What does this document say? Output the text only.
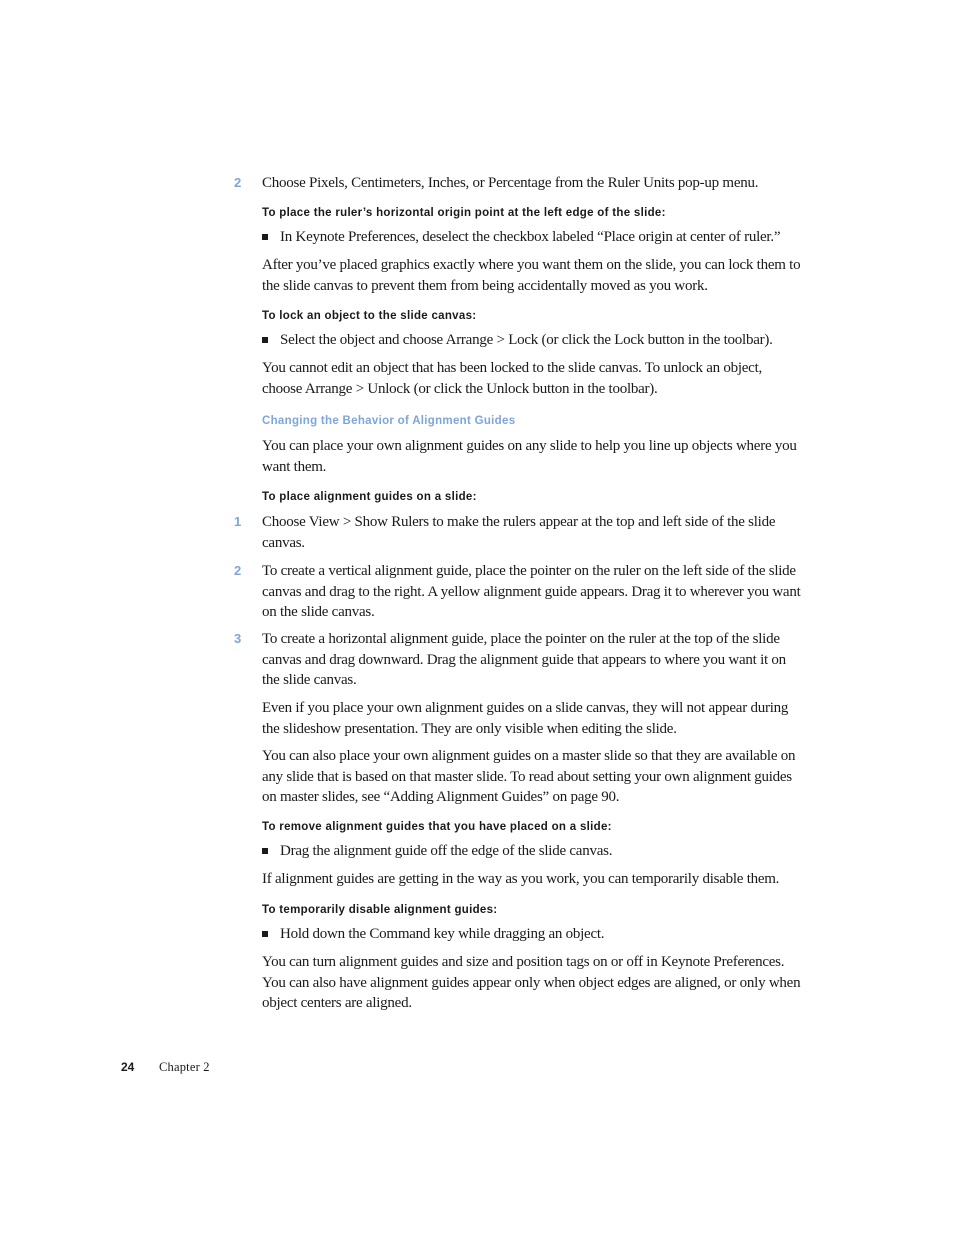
2 Choose Pixels, Centimeters, Inches, or Percentage from the Ruler Units pop-up menu.
To place the ruler’s horizontal origin point at the left edge of the slide:
In Keynote Preferences, deselect the checkbox labeled “Place origin at center of ruler.”
After you’ve placed graphics exactly where you want them on the slide, you can lock them to the slide canvas to prevent them from being accidentally moved as you work.
To lock an object to the slide canvas:
Select the object and choose Arrange > Lock (or click the Lock button in the toolbar).
You cannot edit an object that has been locked to the slide canvas. To unlock an object, choose Arrange > Unlock (or click the Unlock button in the toolbar).
Changing the Behavior of Alignment Guides
You can place your own alignment guides on any slide to help you line up objects where you want them.
To place alignment guides on a slide:
1 Choose View > Show Rulers to make the rulers appear at the top and left side of the slide canvas.
2 To create a vertical alignment guide, place the pointer on the ruler on the left side of the slide canvas and drag to the right. A yellow alignment guide appears. Drag it to wherever you want on the slide canvas.
3 To create a horizontal alignment guide, place the pointer on the ruler at the top of the slide canvas and drag downward. Drag the alignment guide that appears to where you want it on the slide canvas.
Even if you place your own alignment guides on a slide canvas, they will not appear during the slideshow presentation. They are only visible when editing the slide.
You can also place your own alignment guides on a master slide so that they are available on any slide that is based on that master slide. To read about setting your own alignment guides on master slides, see “Adding Alignment Guides” on page 90.
To remove alignment guides that you have placed on a slide:
Drag the alignment guide off the edge of the slide canvas.
If alignment guides are getting in the way as you work, you can temporarily disable them.
To temporarily disable alignment guides:
Hold down the Command key while dragging an object.
You can turn alignment guides and size and position tags on or off in Keynote Preferences. You can also have alignment guides appear only when object edges are aligned, or only when object centers are aligned.
24 Chapter 2
